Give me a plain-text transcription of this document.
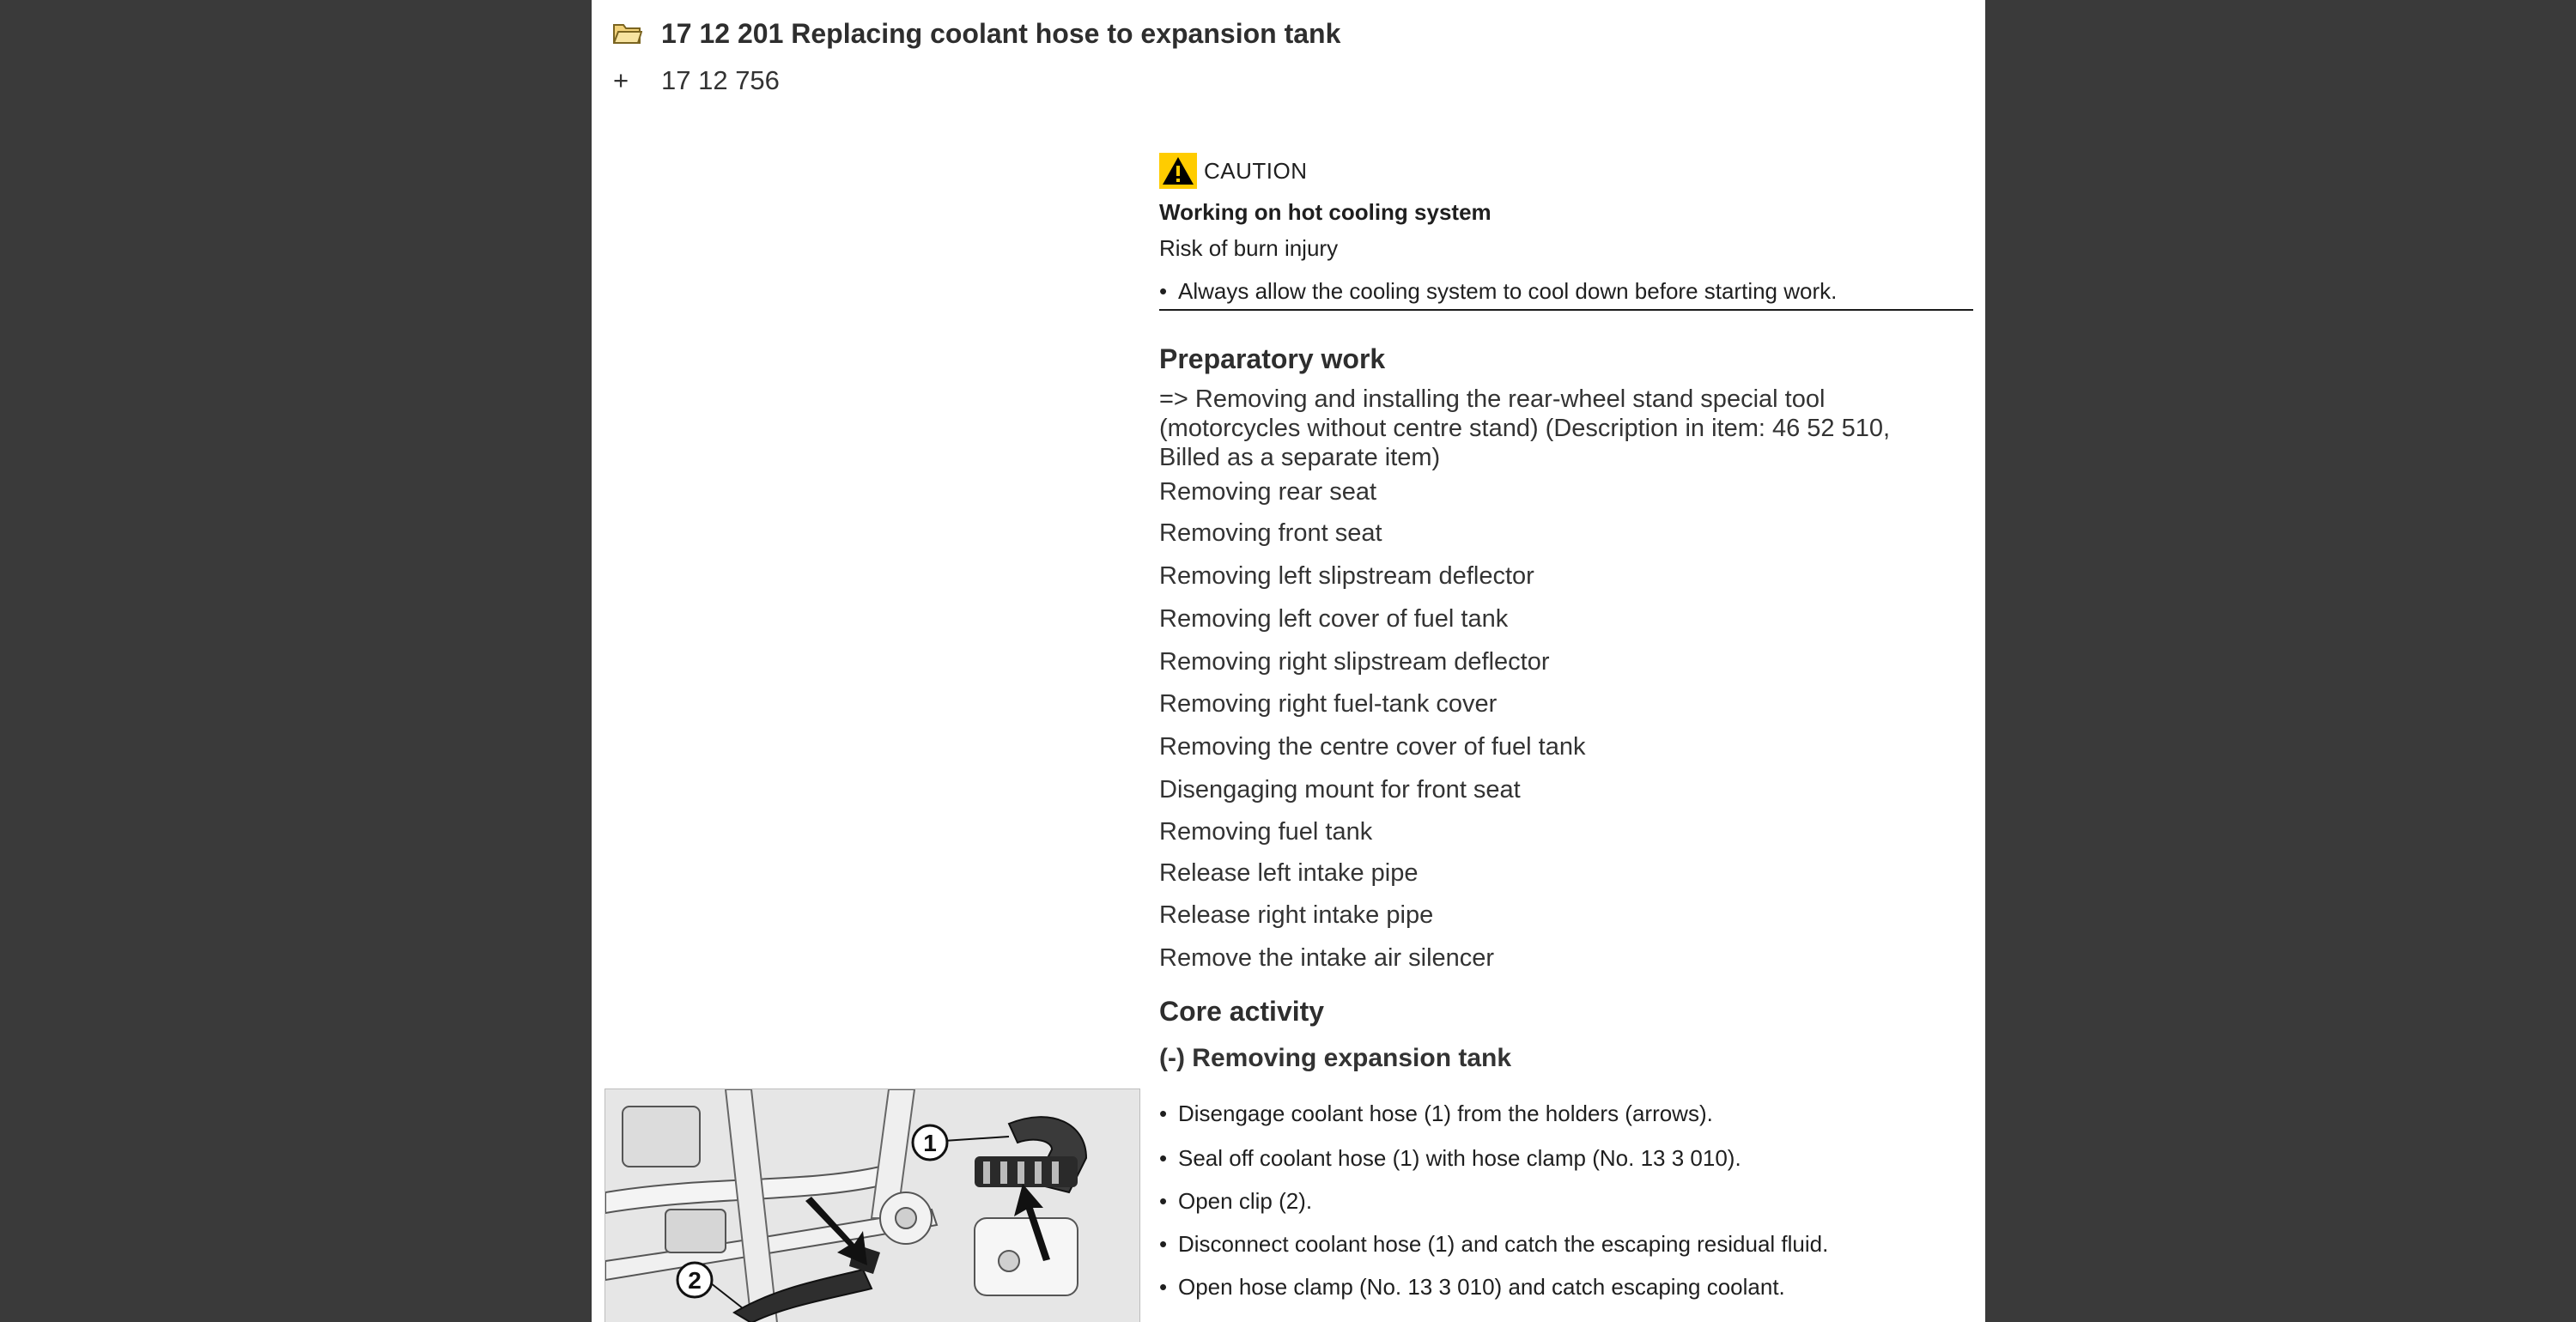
17 12 201 Replacing coolant hose to expansion tank
+	17 12 756
CAUTION
Working on hot cooling system
Risk of burn injury
• Always allow the cooling system to cool down before starting work.
Preparatory work
=> Removing and installing the rear-wheel stand special tool (motorcycles without centre stand) (Description in item: 46 52 510, Billed as a separate item)
Removing rear seat
Removing front seat
Removing left slipstream deflector
Removing left cover of fuel tank
Removing right slipstream deflector
Removing right fuel-tank cover
Removing the centre cover of fuel tank
Disengaging mount for front seat
Removing fuel tank
Release left intake pipe
Release right intake pipe
Remove the intake air silencer
Core activity
(-) Removing expansion tank
• Disengage coolant hose (1) from the holders (arrows).
• Seal off coolant hose (1) with hose clamp (No. 13 3 010).
• Open clip (2).
• Disconnect coolant hose (1) and catch the escaping residual fluid.
• Open hose clamp (No. 13 3 010) and catch escaping coolant.
1
2
